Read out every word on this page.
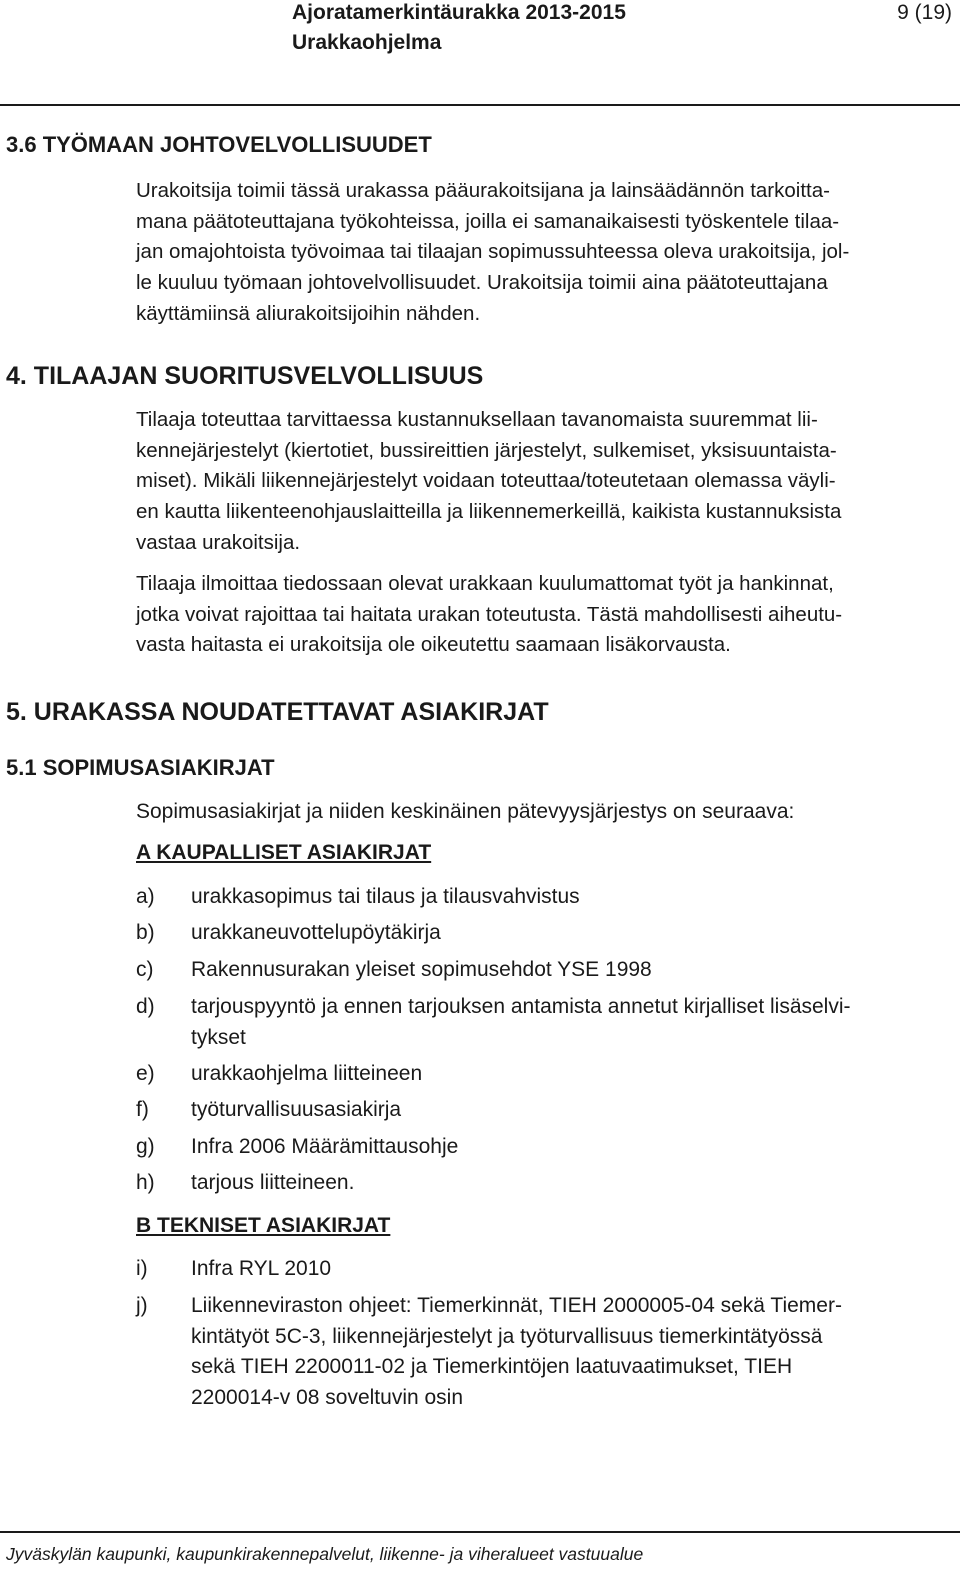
Ajoratamerkintäurakka 2013-2015
Urakkaohjelma
9 (19)
3.6 TYÖMAAN JOHTOVELVOLLISUUDET
Urakoitsija toimii tässä urakassa pääurakoitsijana ja lainsäädännön tarkoitta-
mana päätoteuttajana työkohteissa, joilla ei samanaikaisesti työskentele tilaa-
jan omajohtoista työvoimaa tai tilaajan sopimussuhteessa oleva urakoitsija, jol-
le kuuluu työmaan johtovelvollisuudet. Urakoitsija toimii aina päätoteuttajana
käyttämiinsä aliurakoitsijoihin nähden.
4. TILAAJAN SUORITUSVELVOLLISUUS
Tilaaja toteuttaa tarvittaessa kustannuksellaan tavanomaista suuremmat lii-
kennejärjestelyt (kiertotiet, bussireittien järjestelyt, sulkemiset, yksisuuntaista-
miset). Mikäli liikennejärjestelyt voidaan toteuttaa/toteutetaan olemassa väyli-
en kautta liikenteenohjauslaitteilla ja liikennemerkeillä, kaikista kustannuksista
vastaa urakoitsija.
Tilaaja ilmoittaa tiedossaan olevat urakkaan kuulumattomat työt ja hankinnat,
jotka voivat rajoittaa tai haitata urakan toteutusta. Tästä mahdollisesti aiheutu-
vasta haitasta ei urakoitsija ole oikeutettu saamaan lisäkorvausta.
5. URAKASSA NOUDATETTAVAT ASIAKIRJAT
5.1 SOPIMUSASIAKIRJAT
Sopimusasiakirjat ja niiden keskinäinen pätevyysjärjestys on seuraava:
A KAUPALLISET ASIAKIRJAT
a) urakkasopimus tai tilaus ja tilausvahvistus
b) urakkaneuvottelupöytäkirja
c) Rakennusurakan yleiset sopimusehdot YSE 1998
d) tarjouspyyntö ja ennen tarjouksen antamista annetut kirjalliset lisäselvi-
tykset
e) urakkaohjelma liitteineen
f) työturvallisuusasiakirja
g) Infra 2006 Määrämittausohje
h) tarjous liitteineen.
B TEKNISET ASIAKIRJAT
i) Infra RYL 2010
j) Liikenneviraston ohjeet: Tiemerkinnät, TIEH 2000005-04 sekä Tiemer-
kintätyöt 5C-3, liikennejärjestelyt ja työturvallisuus tiemerkintätyössä
sekä TIEH 2200011-02 ja Tiemerkintöjen laatuvaatimukset, TIEH
2200014-v 08 soveltuvin osin
Jyväskylän kaupunki, kaupunkirakennepalvelut, liikenne- ja viheralueet vastuualue
